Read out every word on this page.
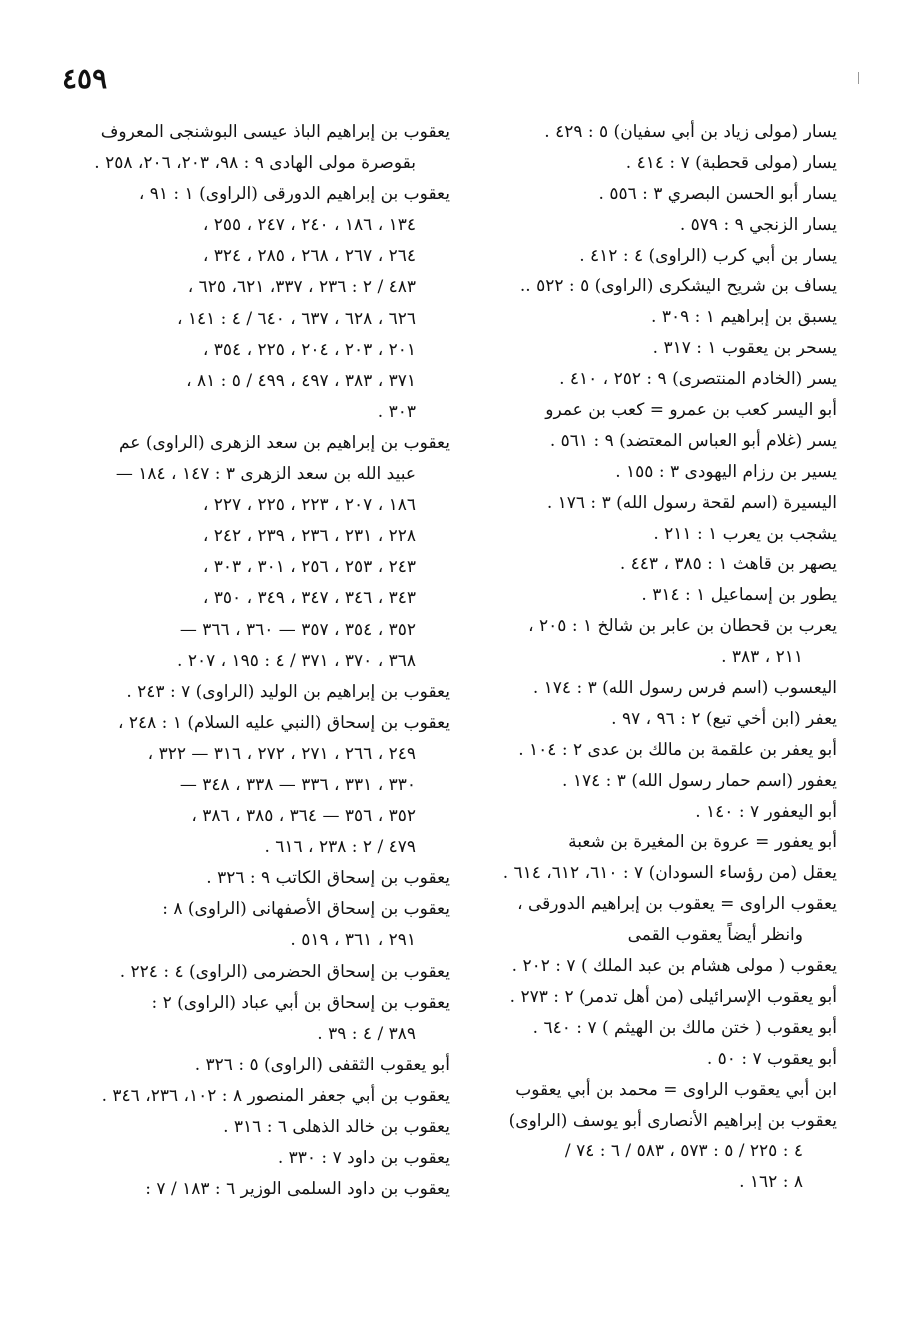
٤٥٩
يسار (مولى زياد بن أبي سفيان) ٥ : ٤٢٩ .
يسار (مولى قحطبة) ٧ : ٤١٤ .
يسار أبو الحسن البصري ٣ : ٥٥٦ .
يسار الزنجي ٩ : ٥٧٩ .
يسار بن أبي كرب (الراوى) ٤ : ٤١٢ .
يساف بن شريح اليشكرى (الراوى) ٥ : ٥٢٢ ..
يسبق بن إبراهيم ١ : ٣٠٩ .
يسحر بن يعقوب ١ : ٣١٧ .
يسر (الخادم المنتصرى) ٩ : ٢٥٢ ، ٤١٠ .
أبو اليسر كعب بن عمرو = كعب بن عمرو
يسر (غلام أبو العباس المعتضد) ٩ : ٥٦١ .
يسير بن رزام اليهودى ٣ : ١٥٥ .
اليسيرة (اسم لقحة رسول الله) ٣ : ١٧٦ .
يشجب بن يعرب ١ : ٢١١ .
يصهر بن قاهث ١ : ٣٨٥ ، ٤٤٣ .
يطور بن إسماعيل ١ : ٣١٤ .
يعرب بن قحطان بن عابر بن شالخ ١ : ٢٠٥ ،
٢١١ ، ٣٨٣ .
اليعسوب (اسم فرس رسول الله) ٣ : ١٧٤ .
يعفر (ابن أخي تبع) ٢ : ٩٦ ، ٩٧ .
أبو يعفر بن علقمة بن مالك بن عدى ٢ : ١٠٤ .
يعفور (اسم حمار رسول الله) ٣ : ١٧٤ .
أبو اليعفور ٧ : ١٤٠ .
أبو يعفور = عروة بن المغيرة بن شعبة
يعقل (من رؤساء السودان) ٧ : ٦١٠، ٦١٢، ٦١٤ .
يعقوب الراوى = يعقوب بن إبراهيم الدورقى ،
وانظر أيضاً يعقوب القمى
يعقوب ( مولى هشام بن عبد الملك ) ٧ : ٢٠٢ .
أبو يعقوب الإسرائيلى (من أهل تدمر) ٢ : ٢٧٣ .
أبو يعقوب ( ختن مالك بن الهيثم ) ٧ : ٦٤٠ .
أبو يعقوب ٧ : ٥٠ .
ابن أبي يعقوب الراوى = محمد بن أبي يعقوب
يعقوب بن إبراهيم الأنصارى أبو يوسف (الراوى)
٤ : ٢٢٥ / ٥ : ٥٧٣ ، ٥٨٣ / ٦ : ٧٤ /
٨ : ١٦٢ .
يعقوب بن إبراهيم الباذ عيسى البوشنجى المعروف
بقوصرة مولى الهادى ٩ : ٩٨، ٢٠٣، ٢٠٦، ٢٥٨ .
يعقوب بن إبراهيم الدورقى (الراوى) ١ : ٩١ ،
١٣٤ ، ١٨٦ ، ٢٤٠ ، ٢٤٧ ، ٢٥٥ ،
٢٦٤ ، ٢٦٧ ، ٢٦٨ ، ٢٨٥ ، ٣٢٤ ،
٤٨٣ / ٢ : ٢٣٦ ، ٣٣٧، ٦٢١، ٦٢٥ ،
٦٢٦ ، ٦٢٨ ، ٦٣٧ ، ٦٤٠ / ٤ : ١٤١ ،
٢٠١ ، ٢٠٣ ، ٢٠٤ ، ٢٢٥ ، ٣٥٤ ،
٣٧١ ، ٣٨٣ ، ٤٩٧ ، ٤٩٩ / ٥ : ٨١ ،
٣٠٣ .
يعقوب بن إبراهيم بن سعد الزهرى (الراوى) عم
عبيد الله بن سعد الزهرى ٣ : ١٤٧ ، ١٨٤ —
١٨٦ ، ٢٠٧ ، ٢٢٣ ، ٢٢٥ ، ٢٢٧ ،
٢٢٨ ، ٢٣١ ، ٢٣٦ ، ٢٣٩ ، ٢٤٢ ،
٢٤٣ ، ٢٥٣ ، ٢٥٦ ، ٣٠١ ، ٣٠٣ ،
٣٤٣ ، ٣٤٦ ، ٣٤٧ ، ٣٤٩ ، ٣٥٠ ،
٣٥٢ ، ٣٥٤ ، ٣٥٧ — ٣٦٠ ، ٣٦٦ —
٣٦٨ ، ٣٧٠ ، ٣٧١ / ٤ : ١٩٥ ، ٢٠٧ .
يعقوب بن إبراهيم بن الوليد (الراوى) ٧ : ٢٤٣ .
يعقوب بن إسحاق (النبي عليه السلام) ١ : ٢٤٨ ،
٢٤٩ ، ٢٦٦ ، ٢٧١ ، ٢٧٢ ، ٣١٦ — ٣٢٢ ،
٣٣٠ ، ٣٣١ ، ٣٣٦ — ٣٣٨ ، ٣٤٨ —
٣٥٢ ، ٣٥٦ — ٣٦٤ ، ٣٨٥ ، ٣٨٦ ،
٤٧٩ / ٢ : ٢٣٨ ، ٦١٦ .
يعقوب بن إسحاق الكاتب ٩ : ٣٢٦ .
يعقوب بن إسحاق الأصفهانى (الراوى) ٨ :
٢٩١ ، ٣٦١ ، ٥١٩ .
يعقوب بن إسحاق الحضرمى (الراوى) ٤ : ٢٢٤ .
يعقوب بن إسحاق بن أبي عباد (الراوى) ٢ :
٣٨٩ / ٤ : ٣٩ .
أبو يعقوب الثقفى (الراوى) ٥ : ٣٢٦ .
يعقوب بن أبي جعفر المنصور ٨ : ١٠٢، ٢٣٦، ٣٤٦ .
يعقوب بن خالد الذهلى ٦ : ٣١٦ .
يعقوب بن داود ٧ : ٣٣٠ .
يعقوب بن داود السلمى الوزير ٦ : ١٨٣ / ٧ :
